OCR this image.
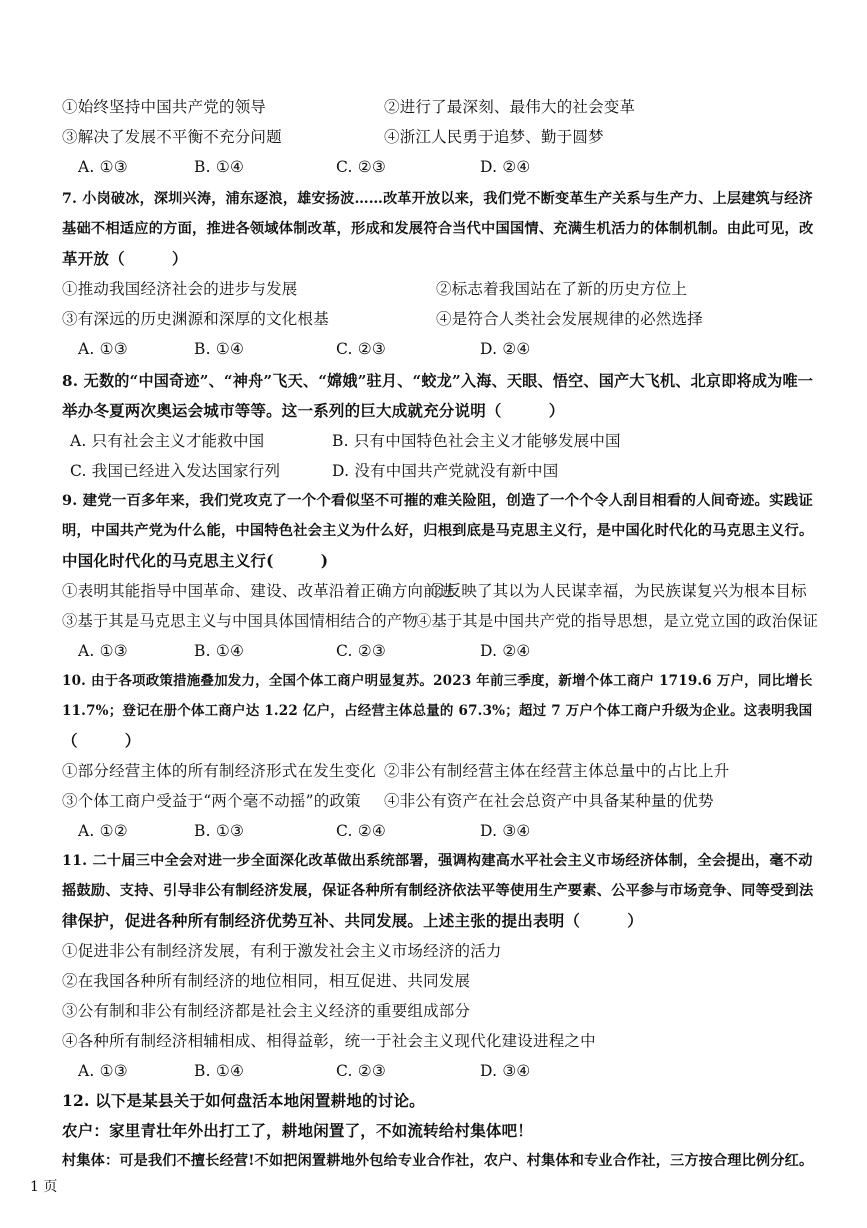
①始终坚持中国共产党的领导	②进行了最深刻、最伟大的社会变革
③解决了发展不平衡不充分问题	④浙江人民勇于追梦、勤于圆梦
A. ①③	B. ①④	C. ②③	D. ②④
7. 小岗破冰，深圳兴涛，浦东逐浪，雄安扬波……改革开放以来，我们党不断变革生产关系与生产力、上层建筑与经济
基础不相适应的方面，推进各领域体制改革，形成和发展符合当代中国国情、充满生机活力的体制机制。由此可见，改
革开放（　　　）
①推动我国经济社会的进步与发展	②标志着我国站在了新的历史方位上
③有深远的历史渊源和深厚的文化根基	④是符合人类社会发展规律的必然选择
A. ①③	B. ①④	C. ②③	D. ②④
8. 无数的“中国奇迹”、“神舟”飞天、“嫦娥”驻月、“蛟龙”入海、天眼、悟空、国产大飞机、北京即将成为唯一
举办冬夏两次奥运会城市等等。这一系列的巨大成就充分说明（　　　）
A. 只有社会主义才能救中国	B. 只有中国特色社会主义才能够发展中国
C. 我国已经进入发达国家行列	D. 没有中国共产党就没有新中国
9. 建党一百多年来，我们党攻克了一个个看似坚不可摧的难关险阻，创造了一个个令人刮目相看的人间奇迹。实践证
明，中国共产党为什么能，中国特色社会主义为什么好，归根到底是马克思主义行，是中国化时代化的马克思主义行。
中国化时代化的马克思主义行(　　　)
①表明其能指导中国革命、建设、改革沿着正确方向前进
②反映了其以为人民谋幸福，为民族谋复兴为根本目标
③基于其是马克思主义与中国具体国情相结合的产物
④基于其是中国共产党的指导思想，是立党立国的政治保证
A. ①③	B. ①④	C. ②③	D. ②④
10. 由于各项政策措施叠加发力，全国个体工商户明显复苏。2023 年前三季度，新增个体工商户 1719.6 万户，同比增长
11.7%；登记在册个体工商户达 1.22 亿户，占经营主体总量的 67.3%；超过 7 万户个体工商户升级为企业。这表明我国
（　　　）
①部分经营主体的所有制经济形式在发生变化 ②非公有制经营主体在经营主体总量中的占比上升
③个体工商户受益于“两个毫不动摇”的政策 ④非公有资产在社会总资产中具备某种量的优势
A. ①②	B. ①③	C. ②④	D. ③④
11. 二十届三中全会对进一步全面深化改革做出系统部署，强调构建高水平社会主义市场经济体制，全会提出，毫不动
摇鼓励、支持、引导非公有制经济发展，保证各种所有制经济依法平等使用生产要素、公平参与市场竞争、同等受到法
律保护，促进各种所有制经济优势互补、共同发展。上述主张的提出表明（　　　）
①促进非公有制经济发展，有利于激发社会主义市场经济的活力
②在我国各种所有制经济的地位相同，相互促进、共同发展
③公有制和非公有制经济都是社会主义经济的重要组成部分
④各种所有制经济相辅相成、相得益彰，统一于社会主义现代化建设进程之中
A. ①③	B. ①④	C. ②③	D. ③④
12. 以下是某县关于如何盘活本地闲置耕地的讨论。
农户：家里青壮年外出打工了，耕地闲置了，不如流转给村集体吧！
村集体：可是我们不擅长经营!不如把闲置耕地外包给专业合作社，农户、村集体和专业合作社，三方按合理比例分红。
1 页
